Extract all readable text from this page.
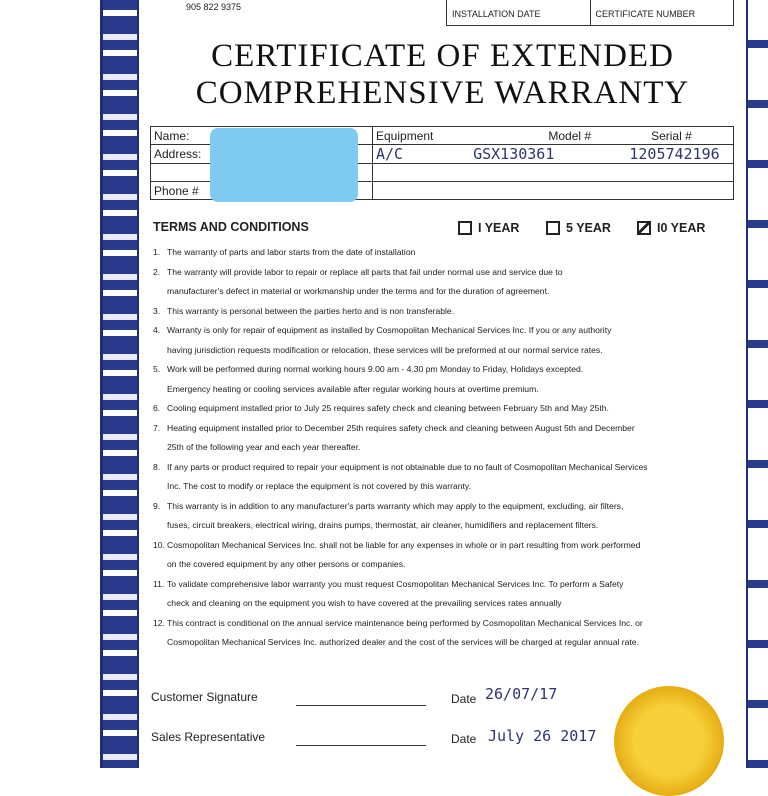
905 822 9375
INSTALLATION DATE	CERTIFICATE NUMBER
CERTIFICATE OF EXTENDED
COMPREHENSIVE WARRANTY
Name:	Equipment Model # Serial #
Address:	A/C GSX130361 1205742196

Phone #	
TERMS AND CONDITIONS	I YEAR	5 YEAR	I0 YEAR
1. The warranty of parts and labor starts from the date of installation
2. The warranty will provide labor to repair or replace all parts that fail under normal use and service due to
manufacturer's defect in material or workmanship under the terms and for the duration of agreement.
3. This warranty is personal between the parties herto and is non transferable.
4. Warranty is only for repair of equipment as installed by Cosmopolitan Mechanical Services Inc. If you or any authority
having jurisdiction requests modification or relocation, these services will be preformed at our normal service rates.
5. Work will be performed during normal working hours 9.00 am - 4.30 pm Monday to Friday, Holidays excepted.
Emergency heating or cooling services available after regular working hours at overtime premium.
6. Cooling equipment installed prior to July 25 requires safety check and cleaning between February 5th and May 25th.
7. Heating equipment installed prior to December 25th requires safety check and cleaning between August 5th and December
25th of the following year and each year thereafter.
8. If any parts or product required to repair your equipment is not obtainable due to no fault of Cosmopolitan Mechanical Services
Inc. The cost to modify or replace the equipment is not covered by this warranty.
9. This warranty is in addition to any manufacturer's parts warranty which may apply to the equipment, excluding, air filters,
fuses, circuit breakers, electrical wiring, drains pumps, thermostat, air cleaner, humidifiers and replacement filters.
10. Cosmopolitan Mechanical Services Inc. shall not be liable for any expenses in whole or in part resulting from work performed
on the covered equipment by any other persons or companies.
11. To validate comprehensive labor warranty you must request Cosmopolitan Mechanical Services Inc. To perform a Safety
check and cleaning on the equipment you wish to have covered at the prevailing services rates annually
12. This contract is conditional on the annual service maintenance being performed by Cosmopolitan Mechanical Services Inc. or
Cosmopolitan Mechanical Services Inc. authorized dealer and the cost of the services will be charged at regular annual rate.
Customer Signature	Date 26/07/17
Sales Representative	Date July 26 2017
